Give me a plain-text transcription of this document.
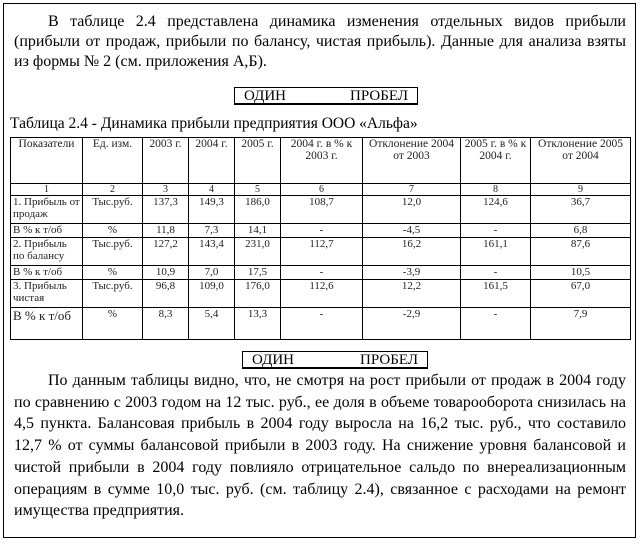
В таблице 2.4 представлена динамика изменения отдельных видов прибыли (прибыли от продаж, прибыли по балансу, чистая прибыль). Данные для анализа взяты из формы № 2 (см. приложения А,Б).
ОДИН	ПРОБЕЛ
Таблица 2.4 - Динамика прибыли предприятия ООО «Альфа»
Показатели	Ед. изм.	2003 г.	2004 г.	2005 г.	2004 г. в % к 2003 г.	Отклонение 2004 от 2003	2005 г. в % к 2004 г.	Отклонение 2005 от 2004
1	2	3	4	5	6	7	8	9
1. Прибыль от продаж	Тыс.руб.	137,3	149,3	186,0	108,7	12,0	124,6	36,7
В % к т/об	%	11,8	7,3	14,1	-	-4,5	-	6,8
2. Прибыль по балансу	Тыс.руб.	127,2	143,4	231,0	112,7	16,2	161,1	87,6
В % к т/об	%	10,9	7,0	17,5	-	-3,9	-	10,5
3. Прибыль чистая	Тыс.руб.	96,8	109,0	176,0	112,6	12,2	161,5	67,0
В % к т/об	%	8,3	5,4	13,3	-	-2,9	-	7,9
ОДИН	ПРОБЕЛ
По данным таблицы видно, что, не смотря на рост прибыли от продаж в 2004 году по сравнению с 2003 годом на 12 тыс. руб., ее доля в объеме товарооборота снизилась на 4,5 пункта. Балансовая прибыль в 2004 году выросла на 16,2 тыс. руб., что составило 12,7 % от суммы балансовой прибыли в 2003 году. На снижение уровня балансовой и чистой прибыли в 2004 году повлияло отрицательное сальдо по внереализационным операциям в сумме 10,0 тыс. руб. (см. таблицу 2.4), связанное с расходами на ремонт имущества предприятия.
